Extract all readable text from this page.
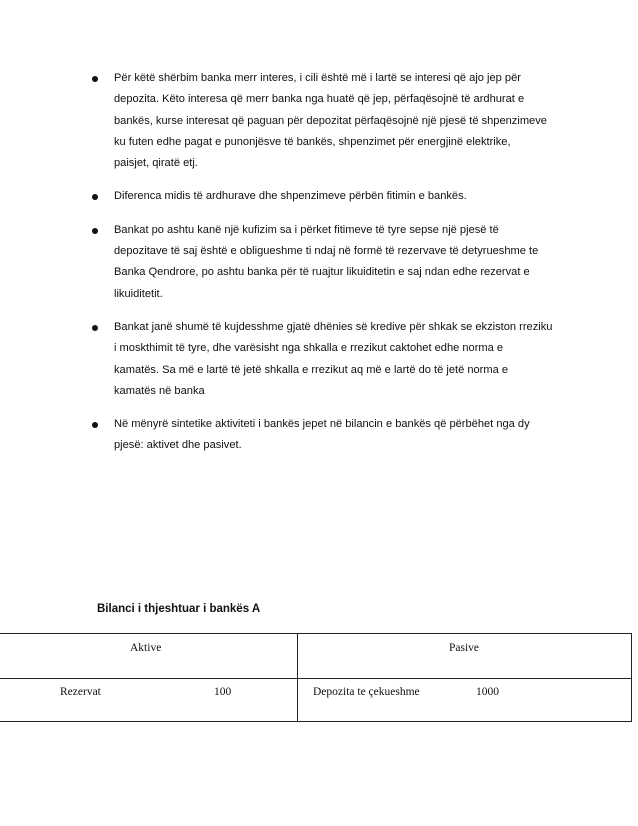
Për këtë shërbim banka merr interes, i cili është më i lartë se interesi që ajo jep për
depozita. Këto interesa që merr banka nga huatë që jep, përfaqësojnë të ardhurat e
bankës, kurse interesat që paguan për depozitat përfaqësojnë një pjesë të shpenzimeve
ku futen edhe pagat e punonjësve të bankës, shpenzimet për energjinë elektrike,
paisjet, qiratë etj.
Diferenca midis të ardhurave dhe shpenzimeve përbën fitimin e bankës.
Bankat po ashtu kanë një kufizim sa i përket fitimeve të tyre sepse një pjesë të
depozitave të saj është e obligueshme ti ndaj në formë të rezervave të detyrueshme te
Banka Qendrore, po ashtu banka për të ruajtur likuiditetin e saj ndan edhe rezervat e
likuiditetit.
Bankat janë shumë të kujdesshme gjatë dhënies së kredive për shkak se ekziston rreziku
i moskthimit të tyre, dhe varësisht nga shkalla e rrezikut caktohet edhe norma e
kamatës. Sa më e lartë të jetë shkalla e rrezikut aq më e lartë do të jetë norma e
kamatës në banka
Në mënyrë sintetike aktiviteti i bankës jepet në bilancin e bankës që përbëhet nga dy
pjesë: aktivet dhe pasivet.
Bilanci i thjeshtuar i bankës A
Aktive	Pasive
Rezervat	100	Depozita te çekueshme	1000
